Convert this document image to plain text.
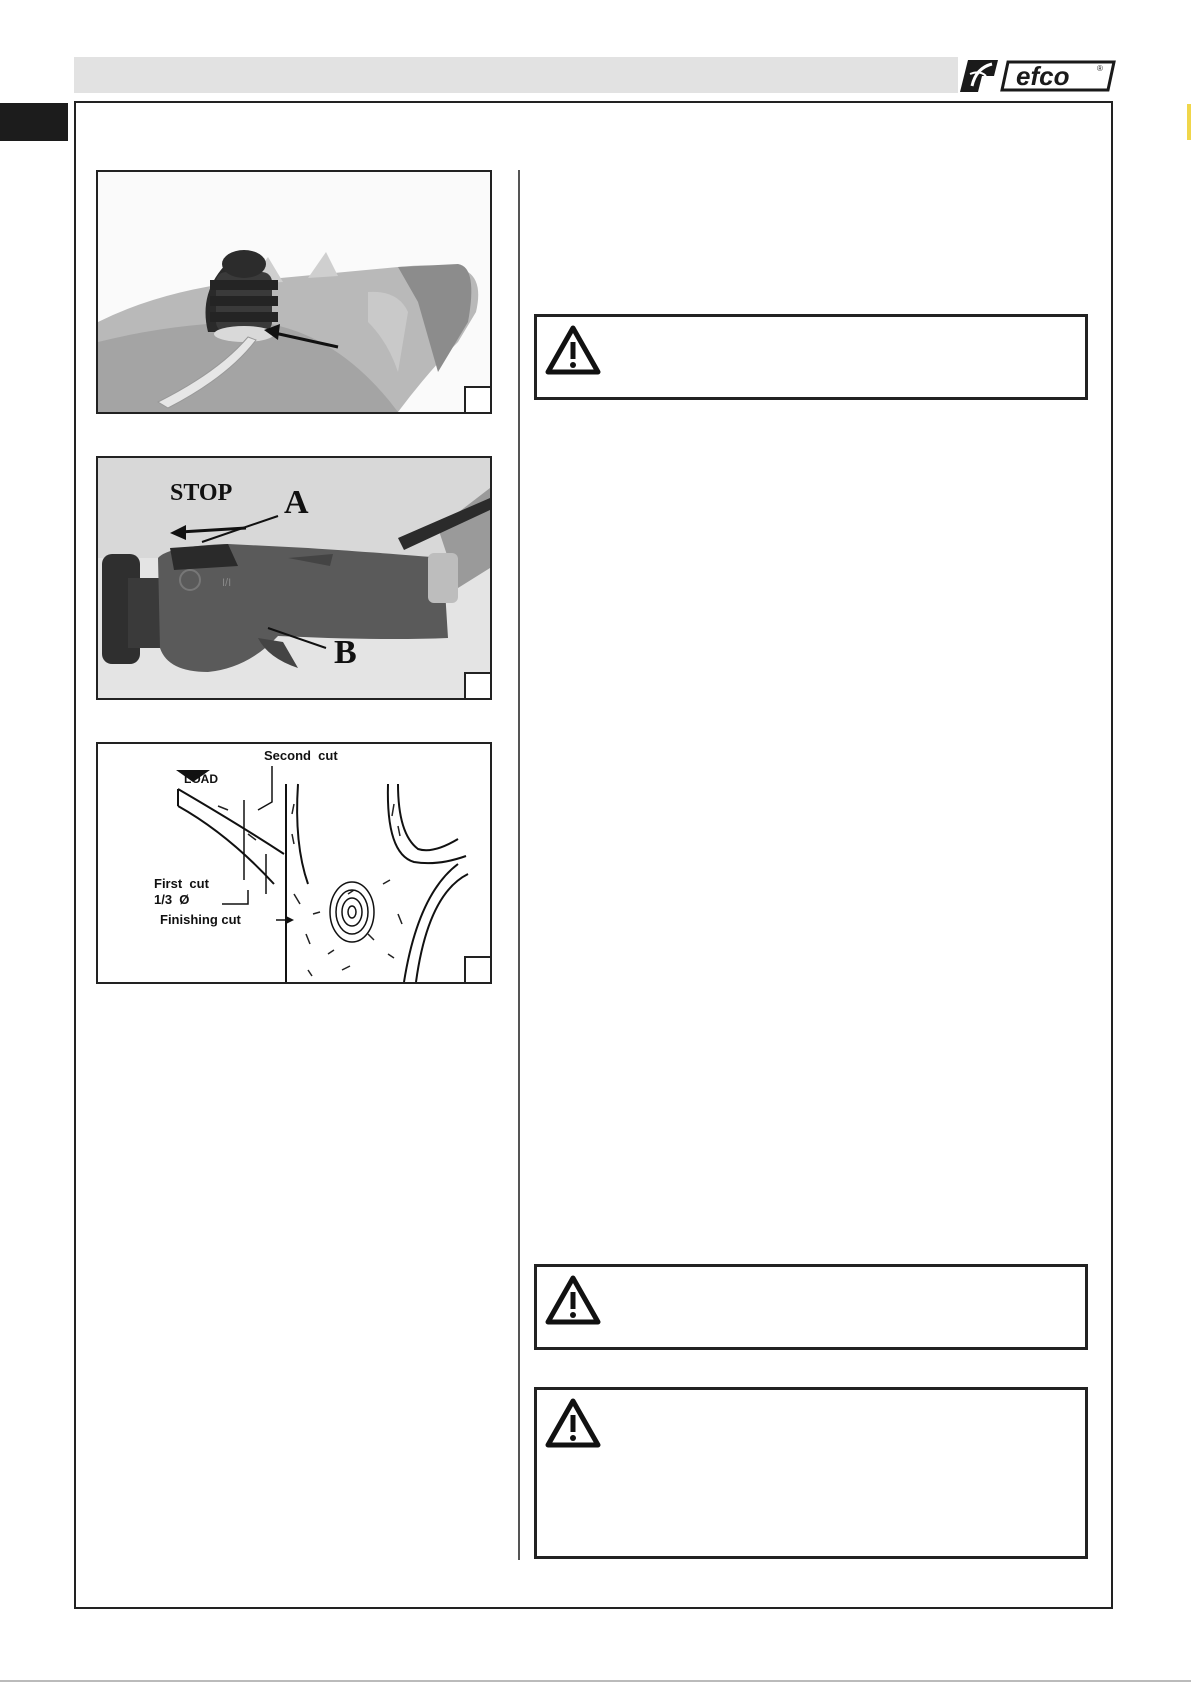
efco	®
I/I
STOP A
B
Second  cut
LOAD
First  cut
1/3  Ø
Finishing cut
